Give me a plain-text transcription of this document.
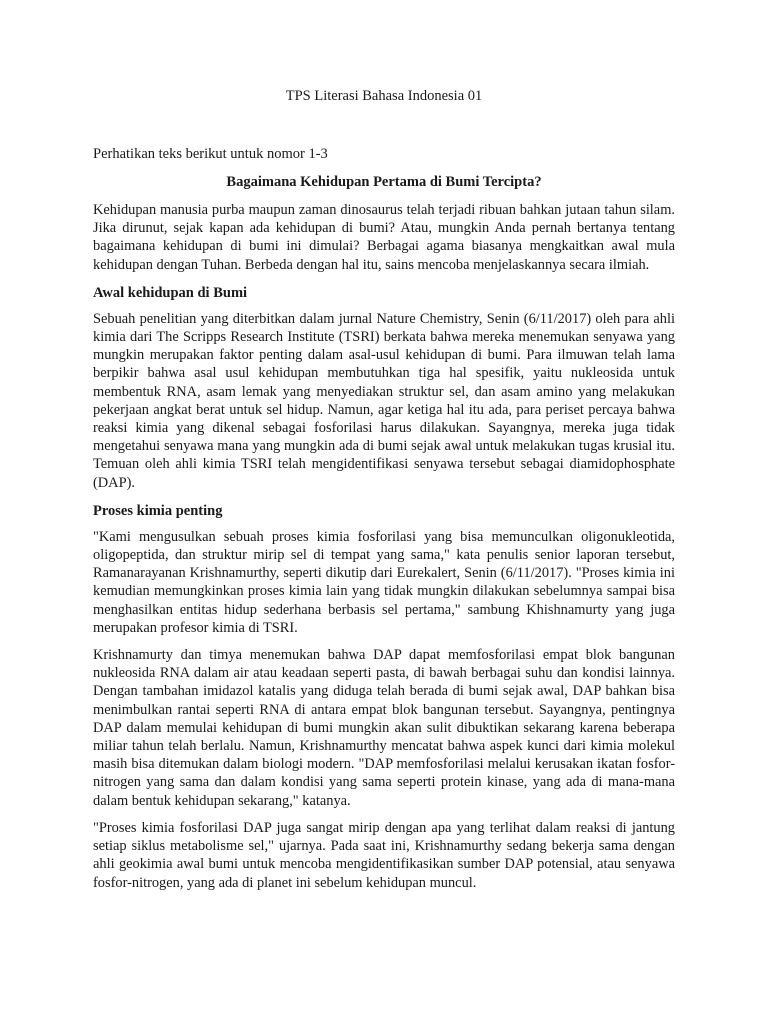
TPS Literasi Bahasa Indonesia 01

Perhatikan teks berikut untuk nomor 1-3

Bagaimana Kehidupan Pertama di Bumi Tercipta?

Kehidupan manusia purba maupun zaman dinosaurus telah terjadi ribuan bahkan jutaan tahun silam. Jika dirunut, sejak kapan ada kehidupan di bumi? Atau, mungkin Anda pernah bertanya tentang bagaimana kehidupan di bumi ini dimulai? Berbagai agama biasanya mengkaitkan awal mula kehidupan dengan Tuhan. Berbeda dengan hal itu, sains mencoba menjelaskannya secara ilmiah.

Awal kehidupan di Bumi

Sebuah penelitian yang diterbitkan dalam jurnal Nature Chemistry, Senin (6/11/2017) oleh para ahli kimia dari The Scripps Research Institute (TSRI) berkata bahwa mereka menemukan senyawa yang mungkin merupakan faktor penting dalam asal-usul kehidupan di bumi. Para ilmuwan telah lama berpikir bahwa asal usul kehidupan membutuhkan tiga hal spesifik, yaitu nukleosida untuk membentuk RNA, asam lemak yang menyediakan struktur sel, dan asam amino yang melakukan pekerjaan angkat berat untuk sel hidup. Namun, agar ketiga hal itu ada, para periset percaya bahwa reaksi kimia yang dikenal sebagai fosforilasi harus dilakukan. Sayangnya, mereka juga tidak mengetahui senyawa mana yang mungkin ada di bumi sejak awal untuk melakukan tugas krusial itu. Temuan oleh ahli kimia TSRI telah mengidentifikasi senyawa tersebut sebagai diamidophosphate (DAP).

Proses kimia penting

"Kami mengusulkan sebuah proses kimia fosforilasi yang bisa memunculkan oligonukleotida, oligopeptida, dan struktur mirip sel di tempat yang sama," kata penulis senior laporan tersebut, Ramanarayanan Krishnamurthy, seperti dikutip dari Eurekalert, Senin (6/11/2017). "Proses kimia ini kemudian memungkinkan proses kimia lain yang tidak mungkin dilakukan sebelumnya sampai bisa menghasilkan entitas hidup sederhana berbasis sel pertama," sambung Khishnamurty yang juga merupakan profesor kimia di TSRI.

Krishnamurty dan timya menemukan bahwa DAP dapat memfosforilasi empat blok bangunan nukleosida RNA dalam air atau keadaan seperti pasta, di bawah berbagai suhu dan kondisi lainnya. Dengan tambahan imidazol katalis yang diduga telah berada di bumi sejak awal, DAP bahkan bisa menimbulkan rantai seperti RNA di antara empat blok bangunan tersebut. Sayangnya, pentingnya DAP dalam memulai kehidupan di bumi mungkin akan sulit dibuktikan sekarang karena beberapa miliar tahun telah berlalu. Namun, Krishnamurthy mencatat bahwa aspek kunci dari kimia molekul masih bisa ditemukan dalam biologi modern. "DAP memfosforilasi melalui kerusakan ikatan fosfor-nitrogen yang sama dan dalam kondisi yang sama seperti protein kinase, yang ada di mana-mana dalam bentuk kehidupan sekarang," katanya.

"Proses kimia fosforilasi DAP juga sangat mirip dengan apa yang terlihat dalam reaksi di jantung setiap siklus metabolisme sel," ujarnya. Pada saat ini, Krishnamurthy sedang bekerja sama dengan ahli geokimia awal bumi untuk mencoba mengidentifikasikan sumber DAP potensial, atau senyawa fosfor-nitrogen, yang ada di planet ini sebelum kehidupan muncul.
